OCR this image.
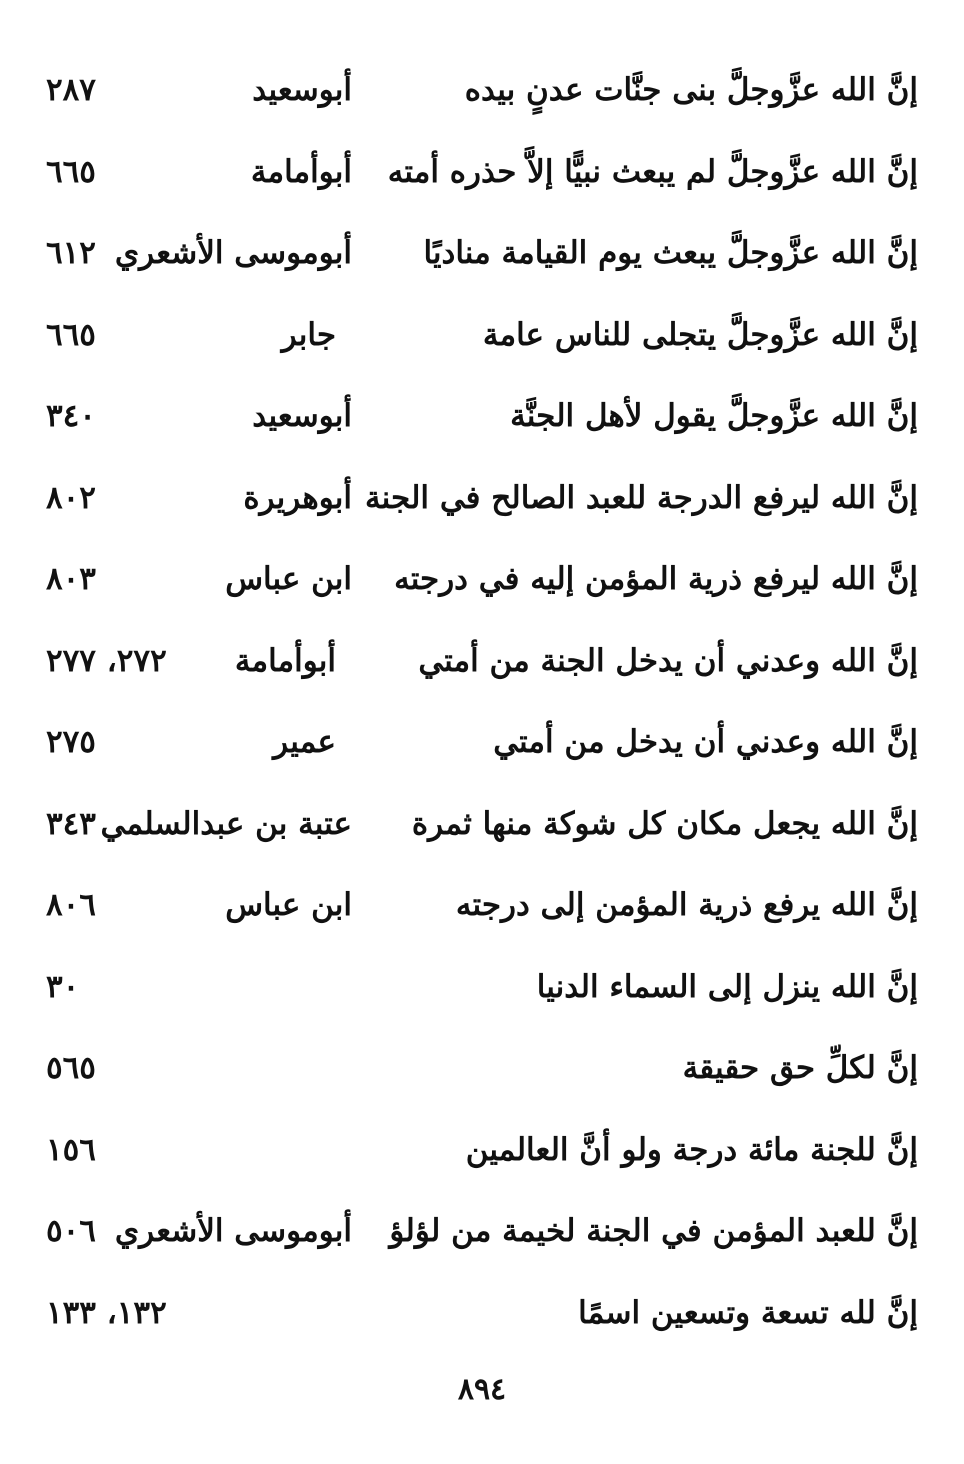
إنَّ الله عزَّوجلَّ بنى جنَّات عدنٍ بيده
أبوسعيد
٢٨٧
إنَّ الله عزَّوجلَّ لم يبعث نبيًّا إلاَّ حذره أمته
أبوأمامة
٦٦٥
إنَّ الله عزَّوجلَّ يبعث يوم القيامة مناديًا
أبوموسى الأشعري
٦١٢
إنَّ الله عزَّوجلَّ يتجلى للناس عامة
جابر
٦٦٥
إنَّ الله عزَّوجلَّ يقول لأهل الجنَّة
أبوسعيد
٣٤٠
إنَّ الله ليرفع الدرجة للعبد الصالح في الجنة
أبوهريرة
٨٠٢
إنَّ الله ليرفع ذرية المؤمن إليه في درجته
ابن عباس
٨٠٣
إنَّ الله وعدني أن يدخل الجنة من أمتي
أبوأمامة
٢٧٢، ٢٧٧
إنَّ الله وعدني أن يدخل من أمتي
عمير
٢٧٥
إنَّ الله يجعل مكان كل شوكة منها ثمرة
عتبة بن عبدالسلمي
٣٤٣
إنَّ الله يرفع ذرية المؤمن إلى درجته
ابن عباس
٨٠٦
إنَّ الله ينزل إلى السماء الدنيا
٣٠
إنَّ لكلِّ حق حقيقة
٥٦٥
إنَّ للجنة مائة درجة ولو أنَّ العالمين
١٥٦
إنَّ للعبد المؤمن في الجنة لخيمة من لؤلؤ
أبوموسى الأشعري
٥٠٦
إنَّ لله تسعة وتسعين اسمًا
١٣٢، ١٣٣
٨٩٤
